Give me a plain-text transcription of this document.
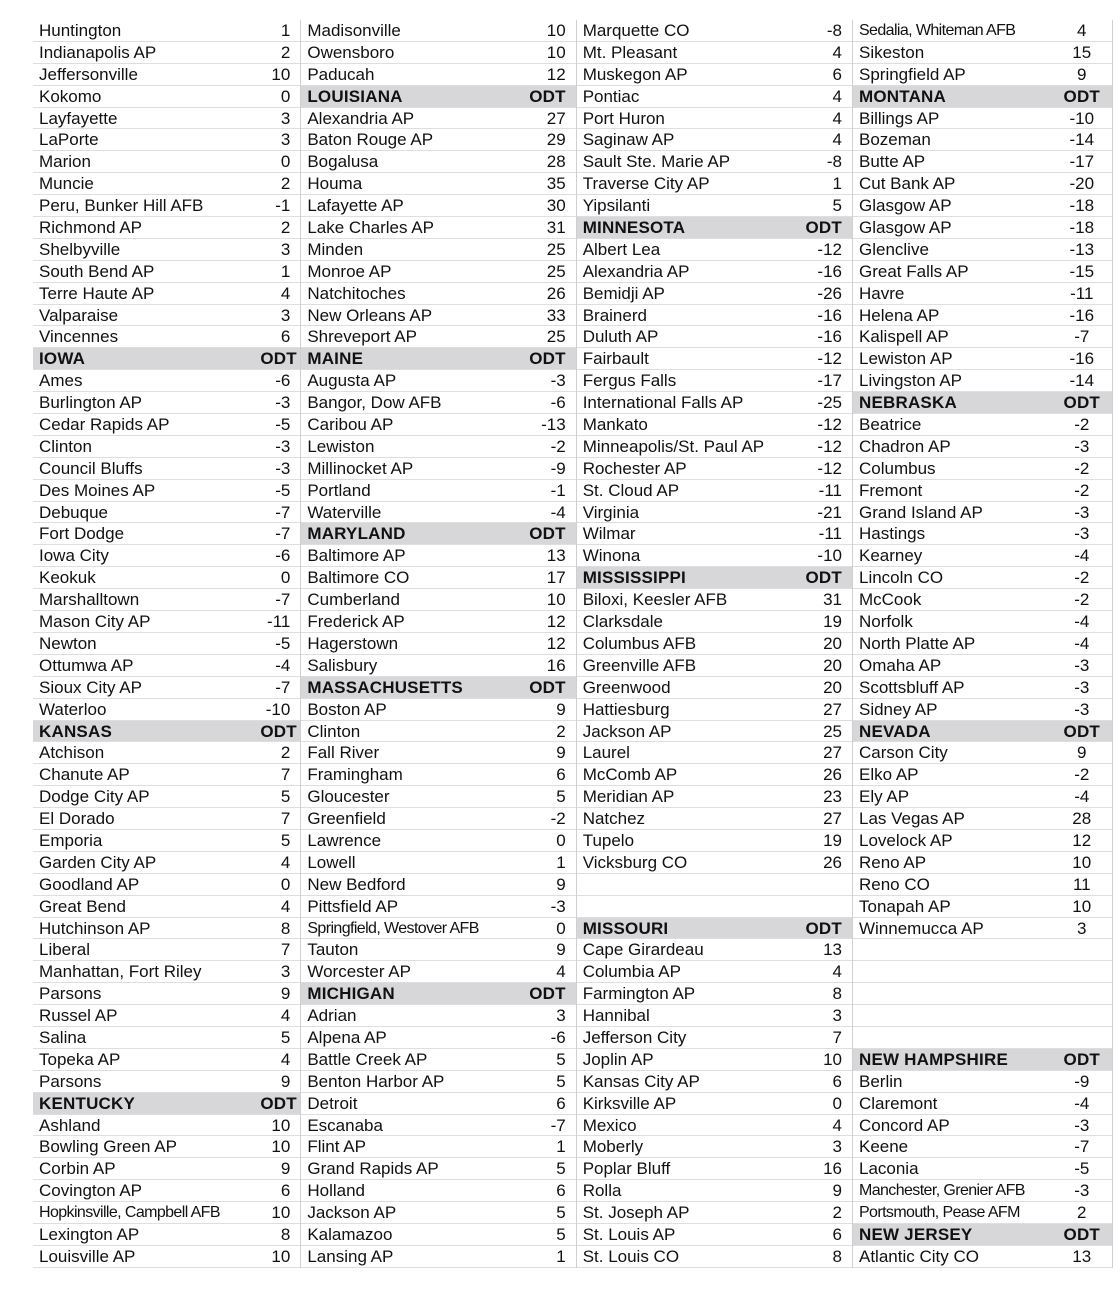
Huntington
Indianapolis AP
Jeffersonville
Kokomo
Layfayette
LaPorte
Marion
Muncie
Peru, Bunker Hill AFB
Richmond AP
Shelbyville
South Bend AP
Terre Haute AP
Valparaise
Vincennes
IOWA
Ames
Burlington AP
Cedar Rapids AP
Clinton
Council Bluffs
Des Moines AP
Debuque
Fort Dodge
Iowa City
Keokuk
Marshalltown
Mason City AP
Newton
Ottumwa AP
Sioux City AP
Waterloo
KANSAS
Atchison
Chanute AP
Dodge City AP
El Dorado
Emporia
Garden City AP
Goodland AP
Great Bend
Hutchinson AP
Liberal
Manhattan, Fort Riley
Parsons
Russel AP
Salina
Topeka AP
Parsons
KENTUCKY
Ashland
Bowling Green AP
Corbin AP
Covington AP
Hopkinsville, Campbell AFB
Lexington AP
Louisville AP
1
2
10
0
3
3
0
2
-1
2
3
1
4
3
6
ODT
-6
-3
-5
-3
-3
-5
-7
-7
-6
0
-7
-11
-5
-4
-7
-10
ODT
2
7
5
7
5
4
0
4
8
7
3
9
4
5
4
9
ODT
10
10
9
6
10
8
10
Madisonville
Owensboro
Paducah
LOUISIANA
Alexandria AP
Baton Rouge AP
Bogalusa
Houma
Lafayette AP
Lake Charles AP
Minden
Monroe AP
Natchitoches
New Orleans AP
Shreveport AP
MAINE
Augusta AP
Bangor, Dow AFB
Caribou AP
Lewiston
Millinocket AP
Portland
Waterville
MARYLAND
Baltimore AP
Baltimore CO
Cumberland
Frederick AP
Hagerstown
Salisbury
MASSACHUSETTS
Boston AP
Clinton
Fall River
Framingham
Gloucester
Greenfield
Lawrence
Lowell
New Bedford
Pittsfield AP
Springfield, Westover AFB
Tauton
Worcester AP
MICHIGAN
Adrian
Alpena AP
Battle Creek AP
Benton Harbor AP
Detroit
Escanaba
Flint AP
Grand Rapids AP
Holland
Jackson AP
Kalamazoo
Lansing AP
10
10
12
ODT
27
29
28
35
30
31
25
25
26
33
25
ODT
-3
-6
-13
-2
-9
-1
-4
ODT
13
17
10
12
12
16
ODT
9
2
9
6
5
-2
0
1
9
-3
0
9
4
ODT
3
-6
5
5
6
-7
1
5
6
5
5
1
Marquette CO
Mt. Pleasant
Muskegon AP
Pontiac
Port Huron
Saginaw AP
Sault Ste. Marie AP
Traverse City AP
Yipsilanti
MINNESOTA
Albert Lea
Alexandria AP
Bemidji AP
Brainerd
Duluth AP
Fairbault
Fergus Falls
International Falls AP
Mankato
Minneapolis/St. Paul AP
Rochester AP
St. Cloud AP
Virginia
Wilmar
Winona
MISSISSIPPI
Biloxi, Keesler AFB
Clarksdale
Columbus AFB
Greenville AFB
Greenwood
Hattiesburg
Jackson AP
Laurel
McComb AP
Meridian AP
Natchez
Tupelo
Vicksburg CO
MISSOURI
Cape Girardeau
Columbia AP
Farmington AP
Hannibal
Jefferson City
Joplin AP
Kansas City AP
Kirksville AP
Mexico
Moberly
Poplar Bluff
Rolla
St. Joseph AP
St. Louis AP
St. Louis CO
-8
4
6
4
4
4
-8
1
5
ODT
-12
-16
-26
-16
-16
-12
-17
-25
-12
-12
-12
-11
-21
-11
-10
ODT
31
19
20
20
20
27
25
27
26
23
27
19
26
ODT
13
4
8
3
7
10
6
0
4
3
16
9
2
6
8
Sedalia, Whiteman AFB
Sikeston
Springfield AP
MONTANA
Billings AP
Bozeman
Butte AP
Cut Bank AP
Glasgow AP
Glasgow AP
Glenclive
Great Falls AP
Havre
Helena AP
Kalispell AP
Lewiston AP
Livingston AP
NEBRASKA
Beatrice
Chadron AP
Columbus
Fremont
Grand Island AP
Hastings
Kearney
Lincoln CO
McCook
Norfolk
North Platte AP
Omaha AP
Scottsbluff AP
Sidney AP
NEVADA
Carson City
Elko AP
Ely AP
Las Vegas AP
Lovelock AP
Reno AP
Reno CO
Tonapah AP
Winnemucca AP
NEW HAMPSHIRE
Berlin
Claremont
Concord AP
Keene
Laconia
Manchester, Grenier AFB
Portsmouth, Pease AFM
NEW JERSEY
Atlantic City CO
4
15
9
ODT
-10
-14
-17
-20
-18
-18
-13
-15
-11
-16
-7
-16
-14
ODT
-2
-3
-2
-2
-3
-3
-4
-2
-2
-4
-4
-3
-3
-3
ODT
9
-2
-4
28
12
10
11
10
3
ODT
-9
-4
-3
-7
-5
-3
2
ODT
13
